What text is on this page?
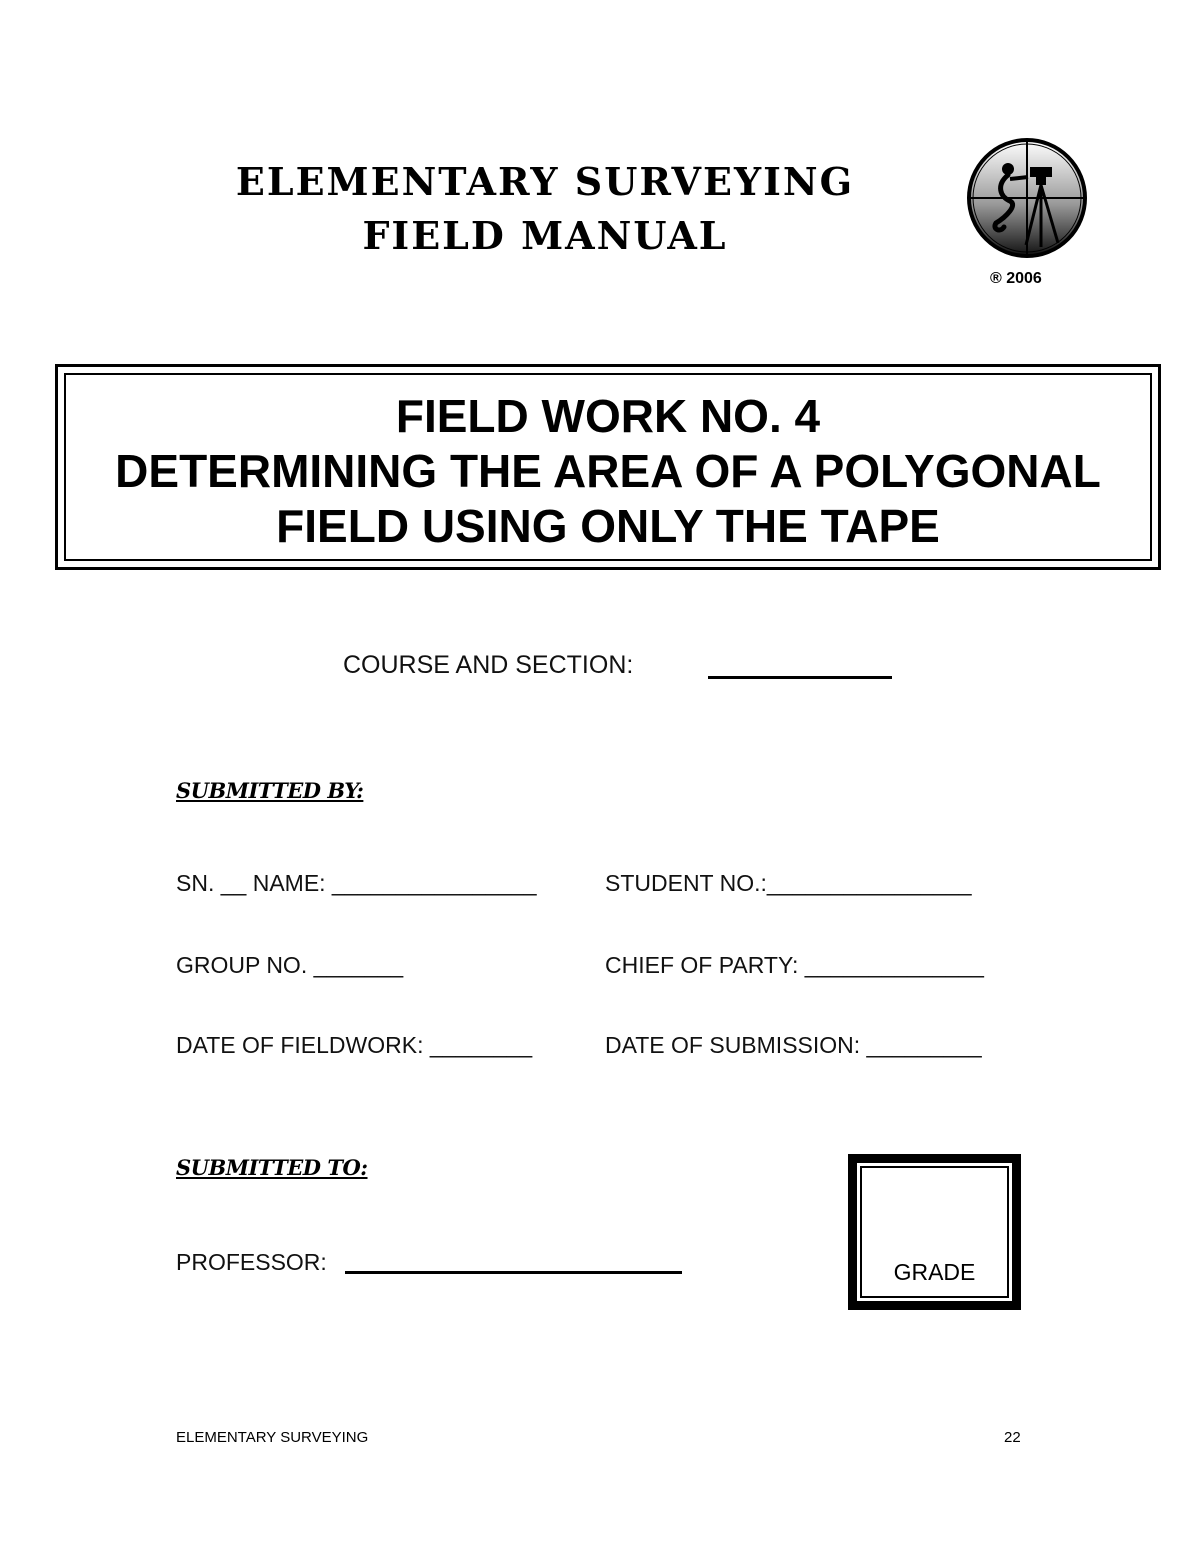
ELEMENTARY SURVEYING
FIELD MANUAL
® 2006
FIELD WORK NO. 4
DETERMINING THE AREA OF A POLYGONAL
FIELD USING ONLY THE TAPE
COURSE AND SECTION:
SUBMITTED BY:
SN. __ NAME: ________________	STUDENT NO.:________________
GROUP NO. _______	CHIEF OF PARTY: ______________
DATE OF FIELDWORK: ________	DATE OF SUBMISSION: _________
SUBMITTED TO:
PROFESSOR:	GRADE
ELEMENTARY SURVEYING	22
